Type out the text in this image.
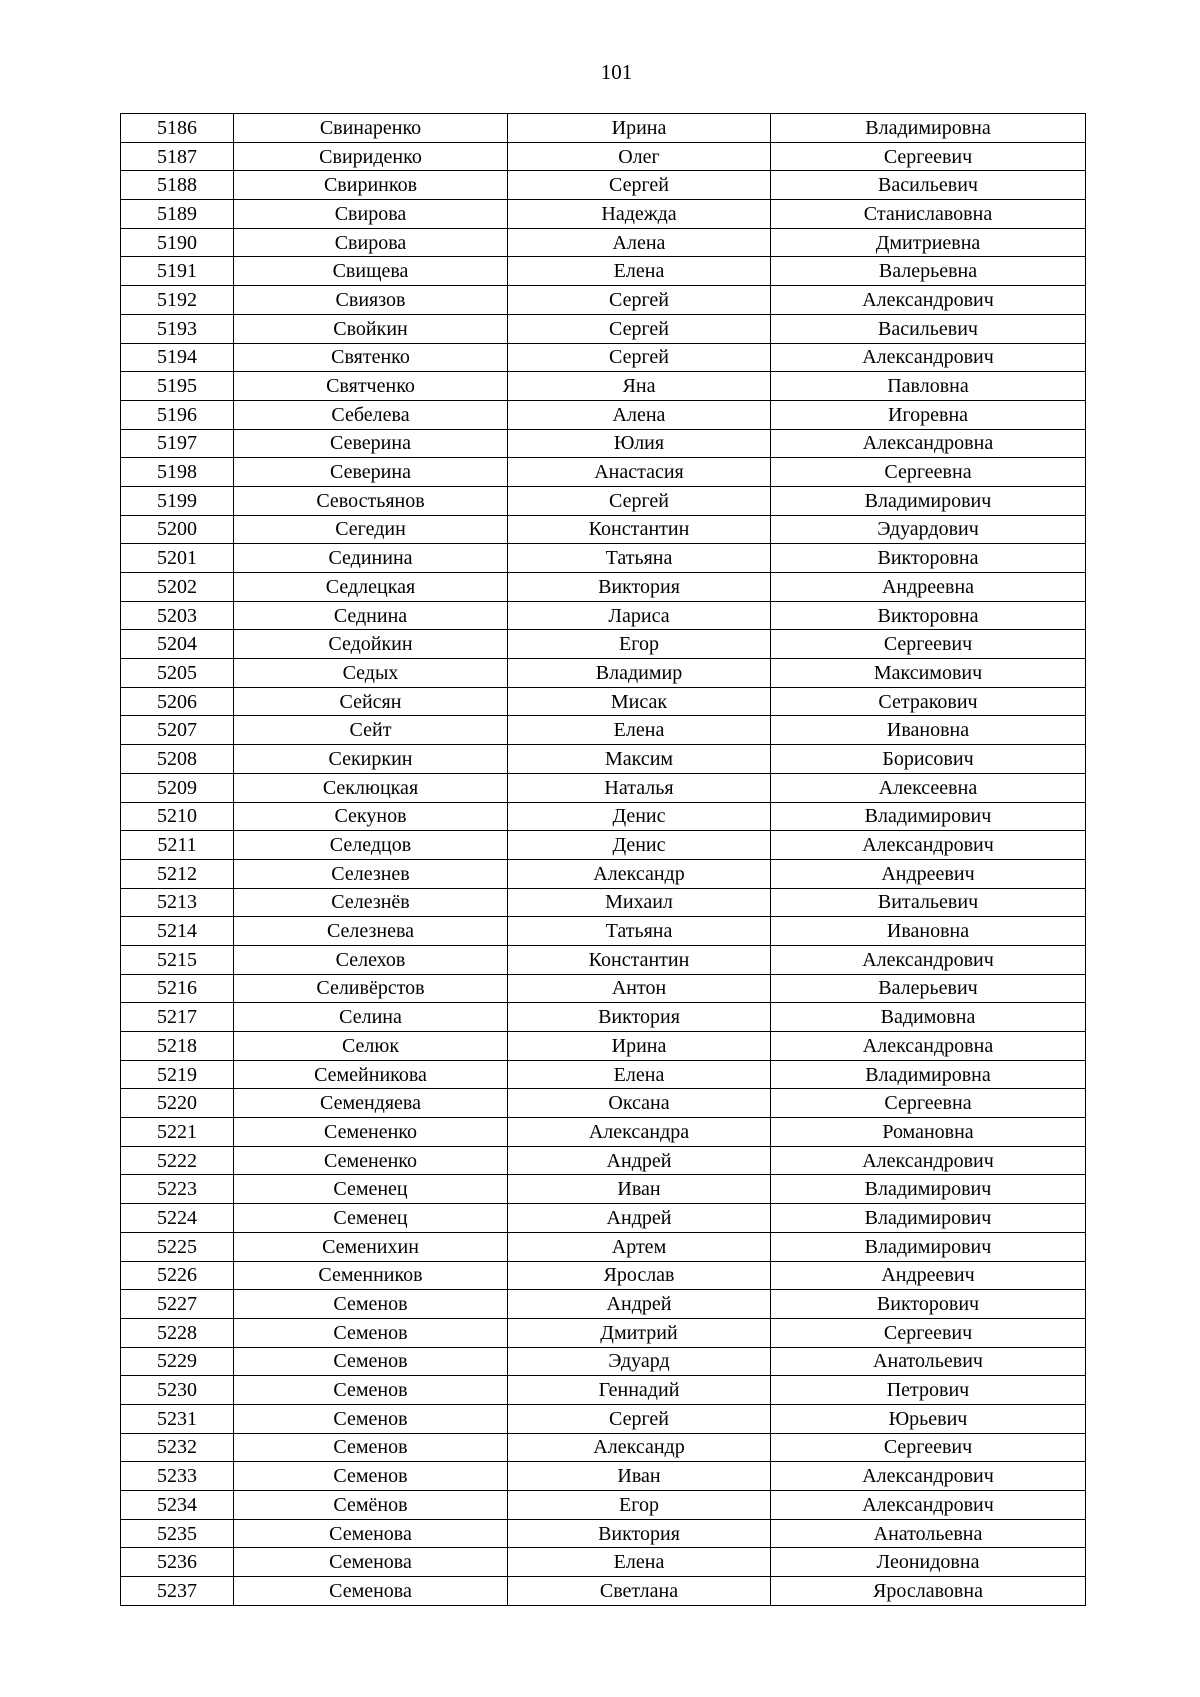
101
5186	Свинаренко	Ирина	Владимировна
5187	Свириденко	Олег	Сергеевич
5188	Свиринков	Сергей	Васильевич
5189	Свирова	Надежда	Станиславовна
5190	Свирова	Алена	Дмитриевна
5191	Свищева	Елена	Валерьевна
5192	Свиязов	Сергей	Александрович
5193	Свойкин	Сергей	Васильевич
5194	Святенко	Сергей	Александрович
5195	Святченко	Яна	Павловна
5196	Себелева	Алена	Игоревна
5197	Северина	Юлия	Александровна
5198	Северина	Анастасия	Сергеевна
5199	Севостьянов	Сергей	Владимирович
5200	Сегедин	Константин	Эдуардович
5201	Сединина	Татьяна	Викторовна
5202	Седлецкая	Виктория	Андреевна
5203	Седнина	Лариса	Викторовна
5204	Седойкин	Егор	Сергеевич
5205	Седых	Владимир	Максимович
5206	Сейсян	Мисак	Сетракович
5207	Сейт	Елена	Ивановна
5208	Секиркин	Максим	Борисович
5209	Секлюцкая	Наталья	Алексеевна
5210	Секунов	Денис	Владимирович
5211	Селедцов	Денис	Александрович
5212	Селезнев	Александр	Андреевич
5213	Селезнёв	Михаил	Витальевич
5214	Селезнева	Татьяна	Ивановна
5215	Селехов	Константин	Александрович
5216	Селивёрстов	Антон	Валерьевич
5217	Селина	Виктория	Вадимовна
5218	Селюк	Ирина	Александровна
5219	Семейникова	Елена	Владимировна
5220	Семендяева	Оксана	Сергеевна
5221	Семененко	Александра	Романовна
5222	Семененко	Андрей	Александрович
5223	Семенец	Иван	Владимирович
5224	Семенец	Андрей	Владимирович
5225	Семенихин	Артем	Владимирович
5226	Семенников	Ярослав	Андреевич
5227	Семенов	Андрей	Викторович
5228	Семенов	Дмитрий	Сергеевич
5229	Семенов	Эдуард	Анатольевич
5230	Семенов	Геннадий	Петрович
5231	Семенов	Сергей	Юрьевич
5232	Семенов	Александр	Сергеевич
5233	Семенов	Иван	Александрович
5234	Семёнов	Егор	Александрович
5235	Семенова	Виктория	Анатольевна
5236	Семенова	Елена	Леонидовна
5237	Семенова	Светлана	Ярославовна
